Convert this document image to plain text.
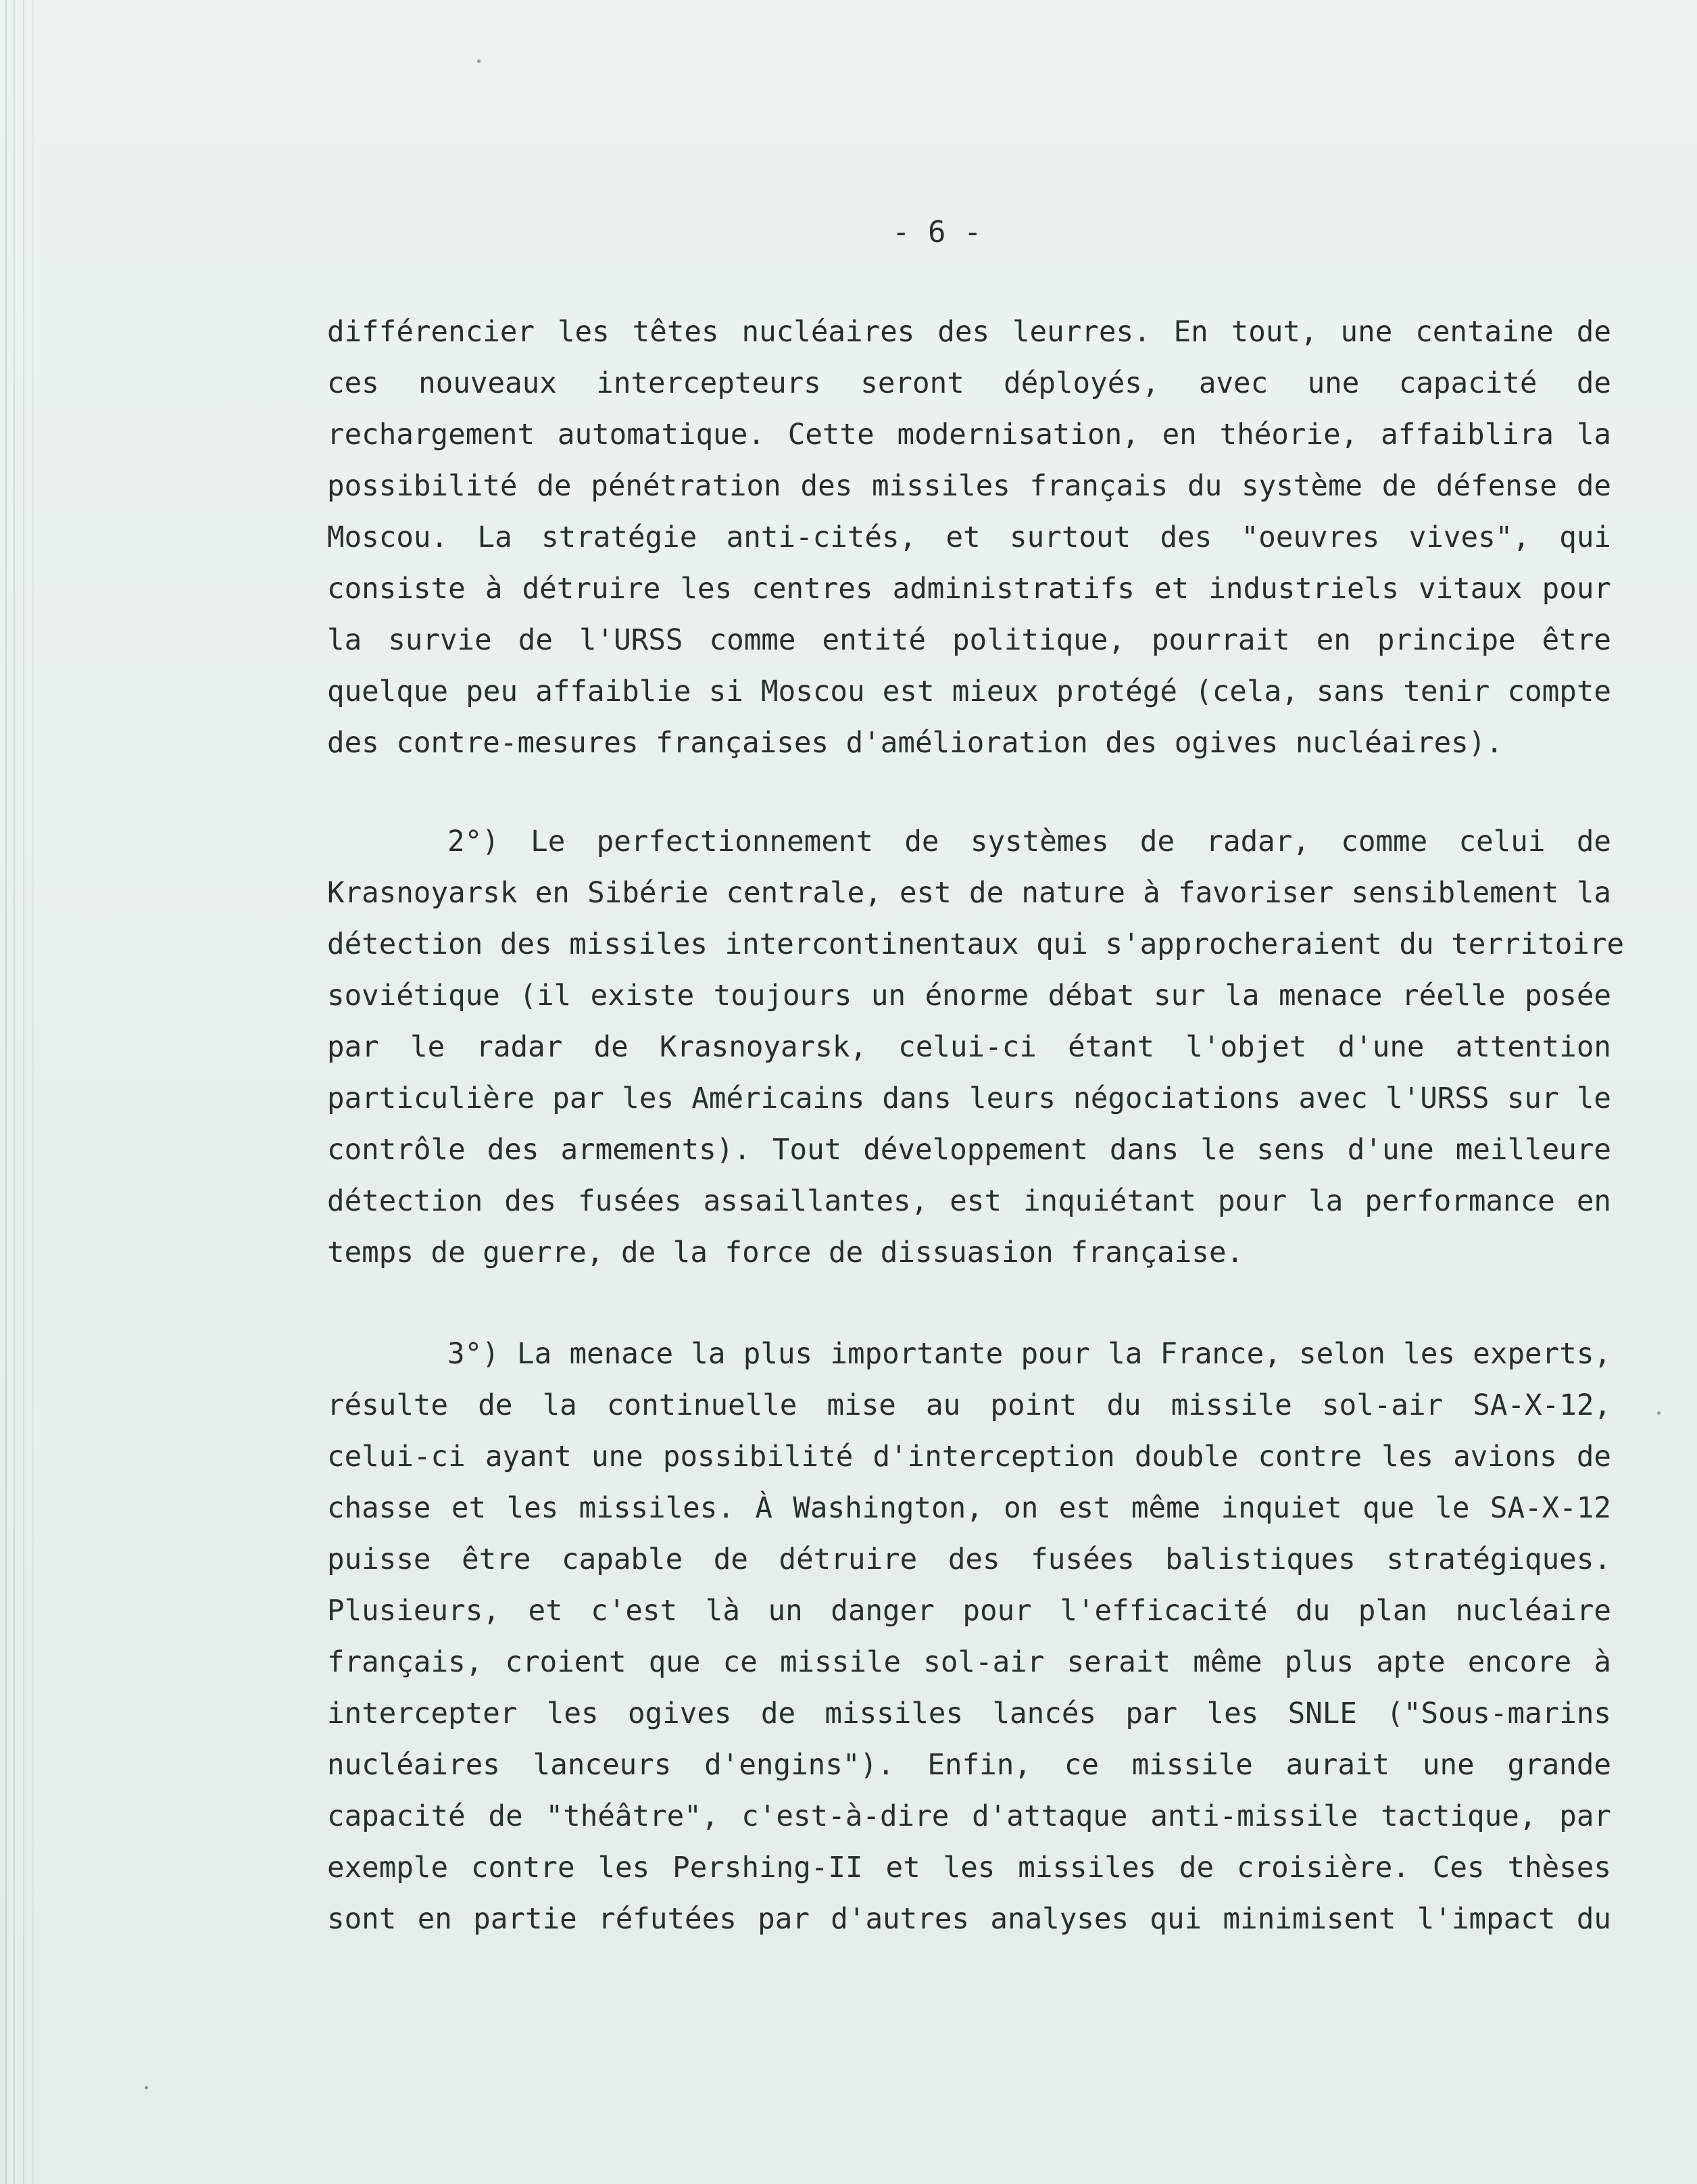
- 6 -
différencier les têtes nucléaires des leurres. En tout, une centaine de
ces nouveaux intercepteurs seront déployés, avec une capacité de
rechargement automatique. Cette modernisation, en théorie, affaiblira la
possibilité de pénétration des missiles français du système de défense de
Moscou. La stratégie anti-cités, et surtout des "oeuvres vives", qui
consiste à détruire les centres administratifs et industriels vitaux pour
la survie de l'URSS comme entité politique, pourrait en principe être
quelque peu affaiblie si Moscou est mieux protégé (cela, sans tenir compte
des contre-mesures françaises d'amélioration des ogives nucléaires).
2°) Le perfectionnement de systèmes de radar, comme celui de
Krasnoyarsk en Sibérie centrale, est de nature à favoriser sensiblement la
détection des missiles intercontinentaux qui s'approcheraient du territoire
soviétique (il existe toujours un énorme débat sur la menace réelle posée
par le radar de Krasnoyarsk, celui-ci étant l'objet d'une attention
particulière par les Américains dans leurs négociations avec l'URSS sur le
contrôle des armements). Tout développement dans le sens d'une meilleure
détection des fusées assaillantes, est inquiétant pour la performance en
temps de guerre, de la force de dissuasion française.
3°) La menace la plus importante pour la France, selon les experts,
résulte de la continuelle mise au point du missile sol-air SA-X-12,
celui-ci ayant une possibilité d'interception double contre les avions de
chasse et les missiles. À Washington, on est même inquiet que le SA-X-12
puisse être capable de détruire des fusées balistiques stratégiques.
Plusieurs, et c'est là un danger pour l'efficacité du plan nucléaire
français, croient que ce missile sol-air serait même plus apte encore à
intercepter les ogives de missiles lancés par les SNLE ("Sous-marins
nucléaires lanceurs d'engins"). Enfin, ce missile aurait une grande
capacité de "théâtre", c'est-à-dire d'attaque anti-missile tactique, par
exemple contre les Pershing-II et les missiles de croisière. Ces thèses
sont en partie réfutées par d'autres analyses qui minimisent l'impact du
